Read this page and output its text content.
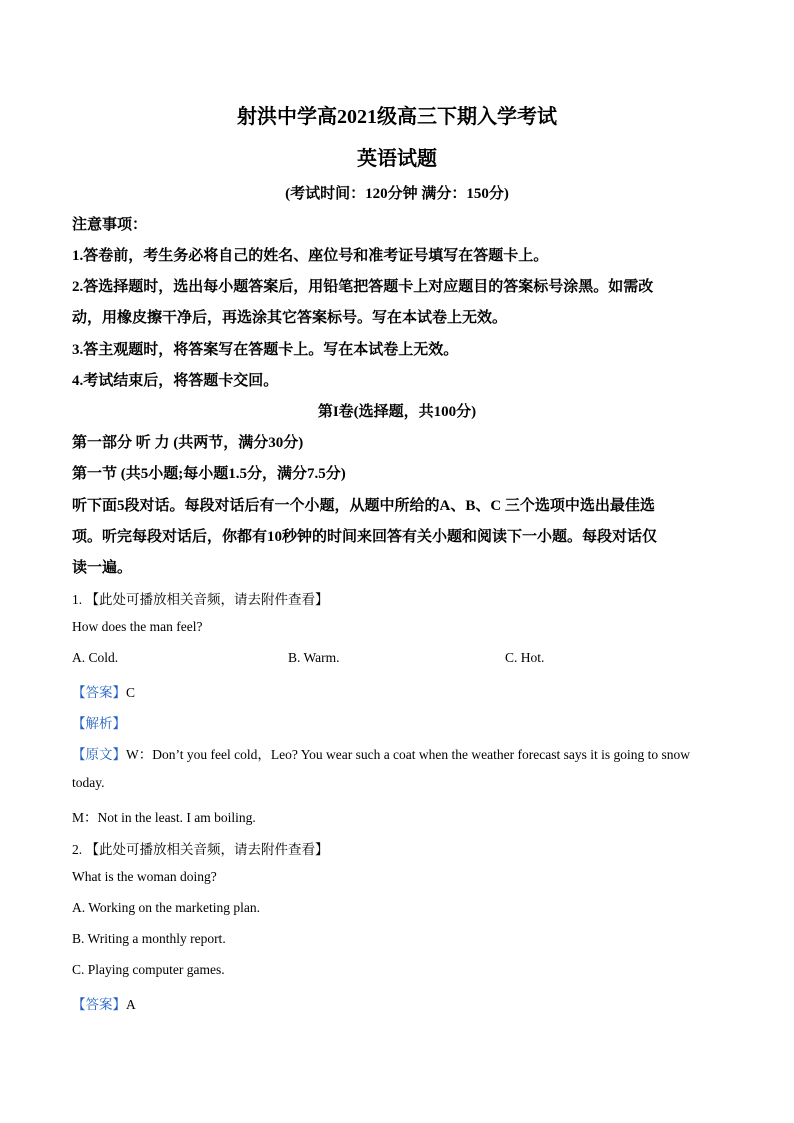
射洪中学高2021级高三下期入学考试
英语试题
(考试时间：120分钟 满分：150分)
注意事项：
1.答卷前，考生务必将自己的姓名、座位号和准考证号填写在答题卡上。
2.答选择题时，选出每小题答案后，用铅笔把答题卡上对应题目的答案标号涂黑。如需改
动，用橡皮擦干净后，再选涂其它答案标号。写在本试卷上无效。
3.答主观题时，将答案写在答题卡上。写在本试卷上无效。
4.考试结束后，将答题卡交回。
第I卷(选择题，共100分)
第一部分 听 力 (共两节，满分30分)
第一节 (共5小题;每小题1.5分，满分7.5分)
听下面5段对话。每段对话后有一个小题，从题中所给的A、B、C 三个选项中选出最佳选
项。听完每段对话后，你都有10秒钟的时间来回答有关小题和阅读下一小题。每段对话仅
读一遍。
1. 【此处可播放相关音频，请去附件查看】
How does the man feel?
A. Cold.	B. Warm.	C. Hot.
【答案】C
【解析】
【原文】W：Don’t you feel cold，Leo? You wear such a coat when the weather forecast says it is going to snow
today.
M：Not in the least. I am boiling.
2. 【此处可播放相关音频，请去附件查看】
What is the woman doing?
A. Working on the marketing plan.
B. Writing a monthly report.
C. Playing computer games.
【答案】A
